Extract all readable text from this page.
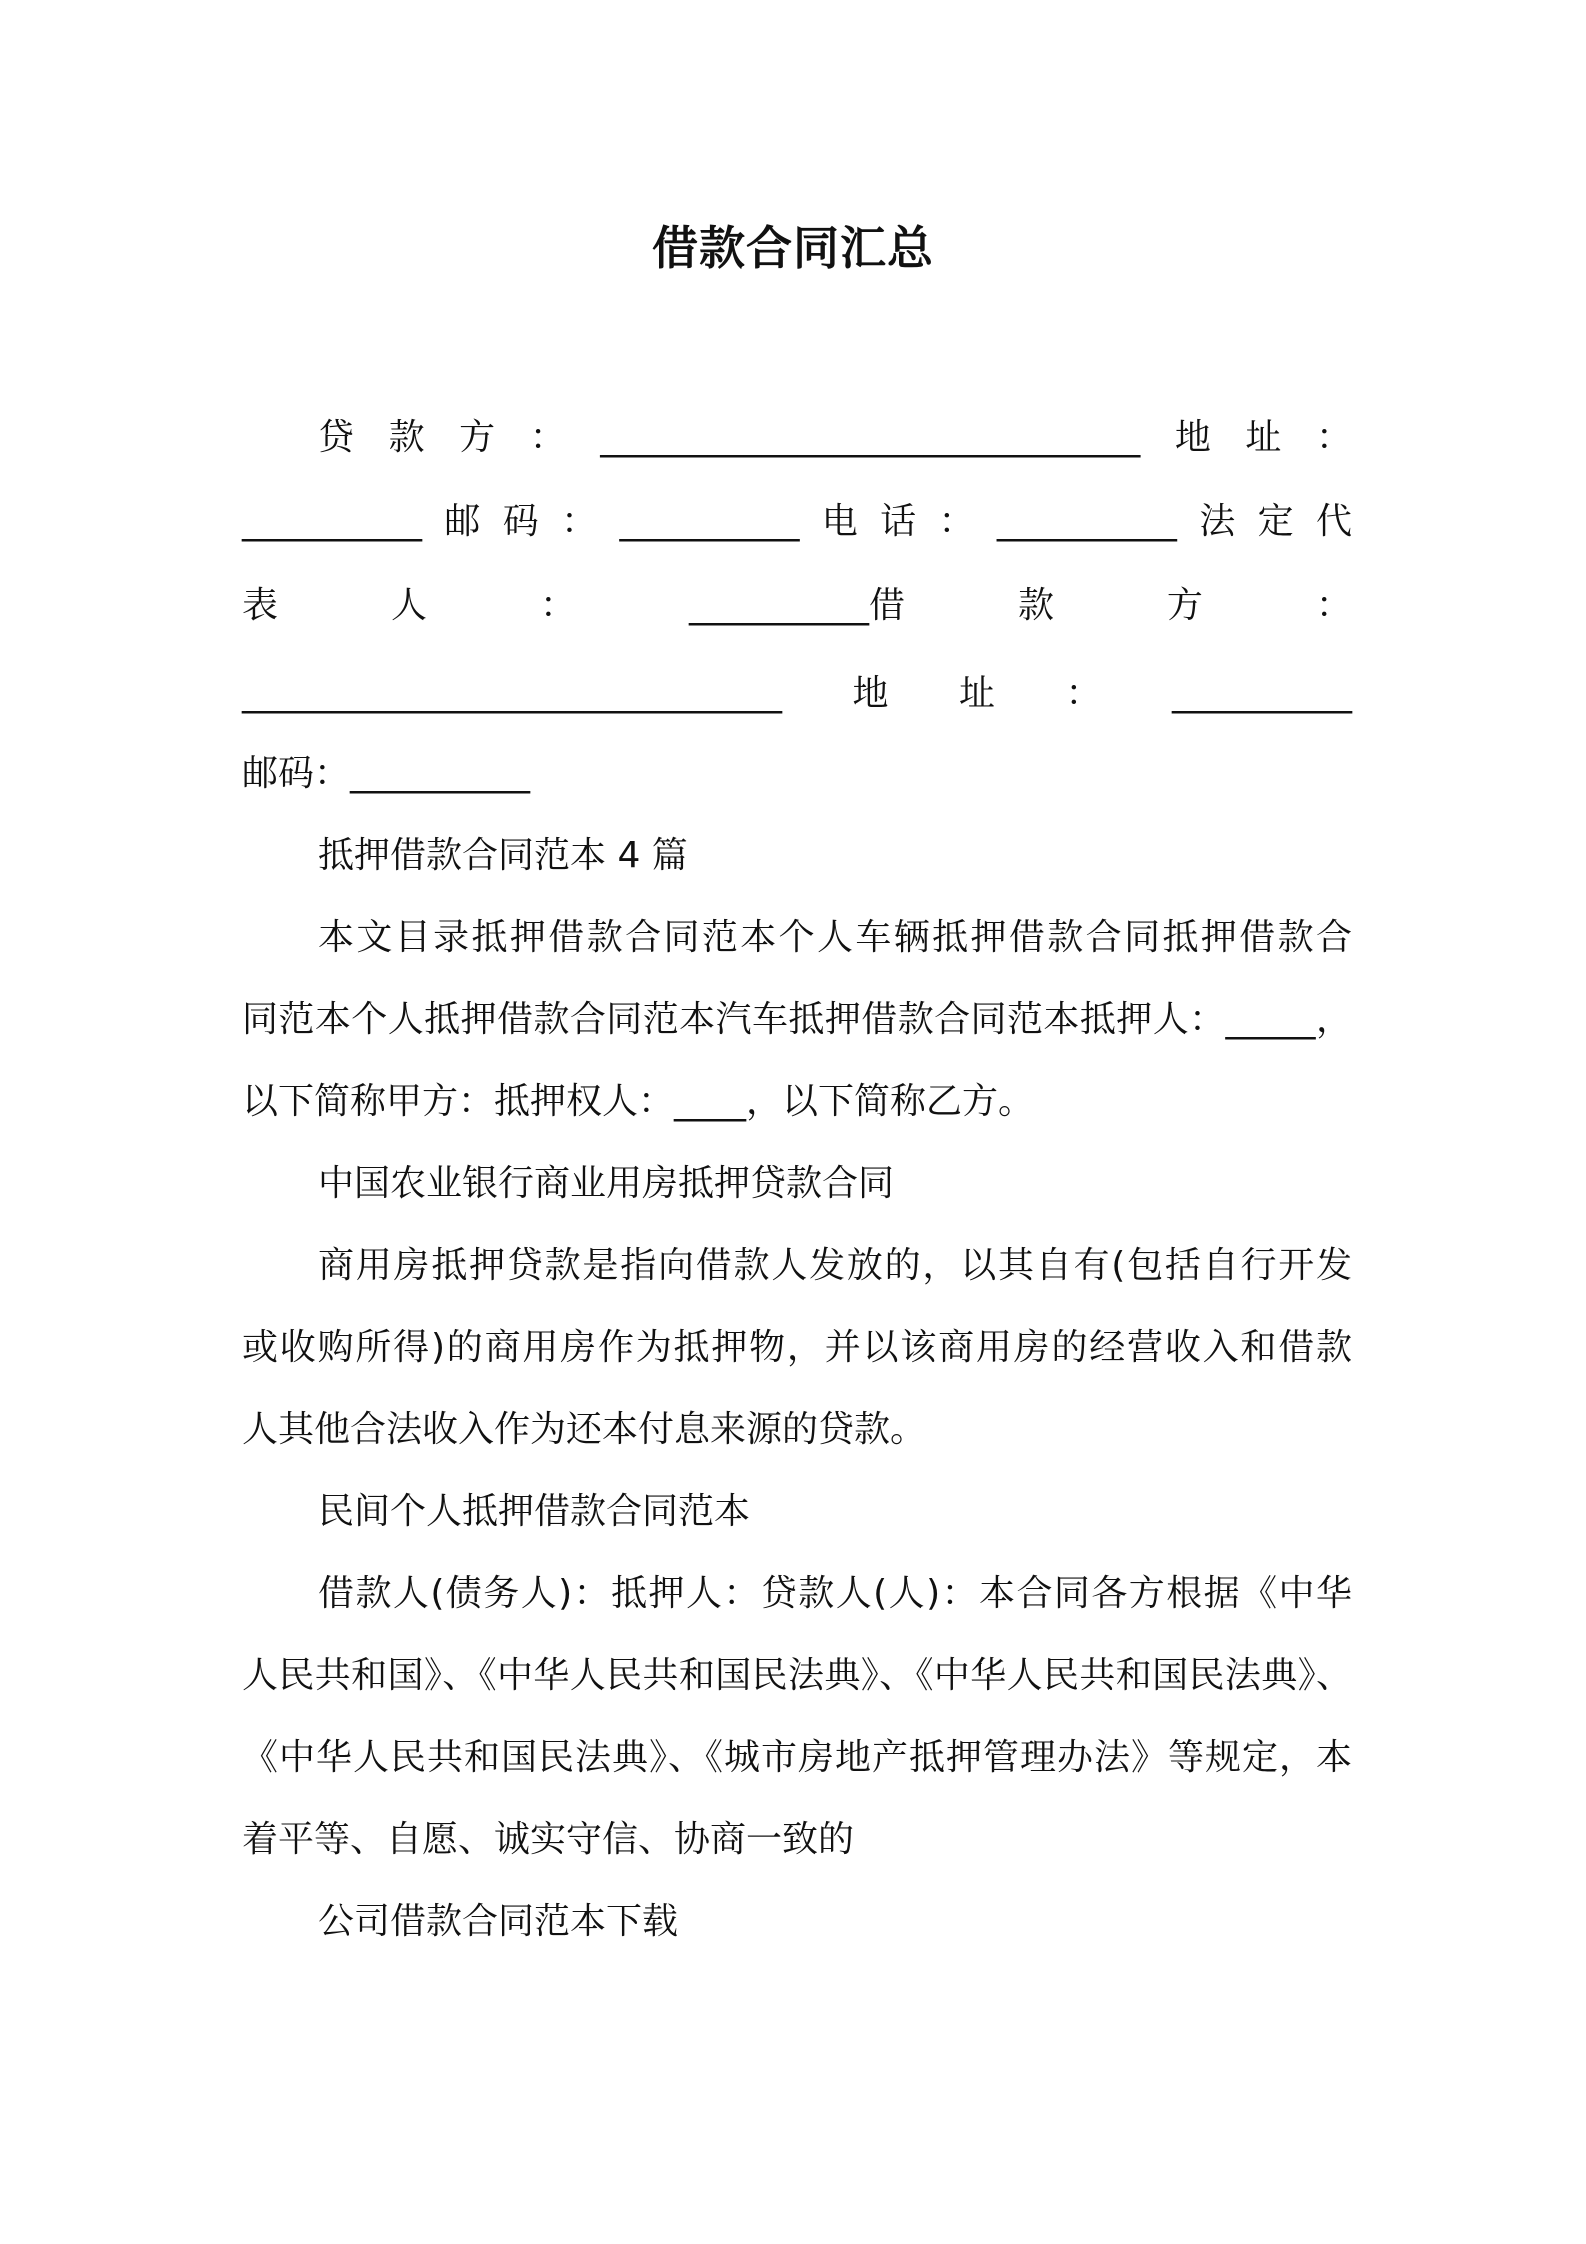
借款合同汇总
贷款方：______________________________地址：
__________邮码：__________电话：__________法定代
表	人	：	__________借	款	方	：
______________________________地址：__________
邮码：__________
抵押借款合同范本 4 篇
本文目录抵押借款合同范本个人车辆抵押借款合同抵押借款合
同范本个人抵押借款合同范本汽车抵押借款合同范本抵押人：_____，
以下简称甲方：抵押权人：____，以下简称乙方。
中国农业银行商业用房抵押贷款合同
商用房抵押贷款是指向借款人发放的，以其自有(包括自行开发
或收购所得)的商用房作为抵押物，并以该商用房的经营收入和借款
人其他合法收入作为还本付息来源的贷款。
民间个人抵押借款合同范本
借款人(债务人)：抵押人：贷款人(人)：本合同各方根据《中华
人民共和国》、《中华人民共和国民法典》、《中华人民共和国民法典》、
《中华人民共和国民法典》、《城市房地产抵押管理办法》等规定，本
着平等、自愿、诚实守信、协商一致的
公司借款合同范本下载
